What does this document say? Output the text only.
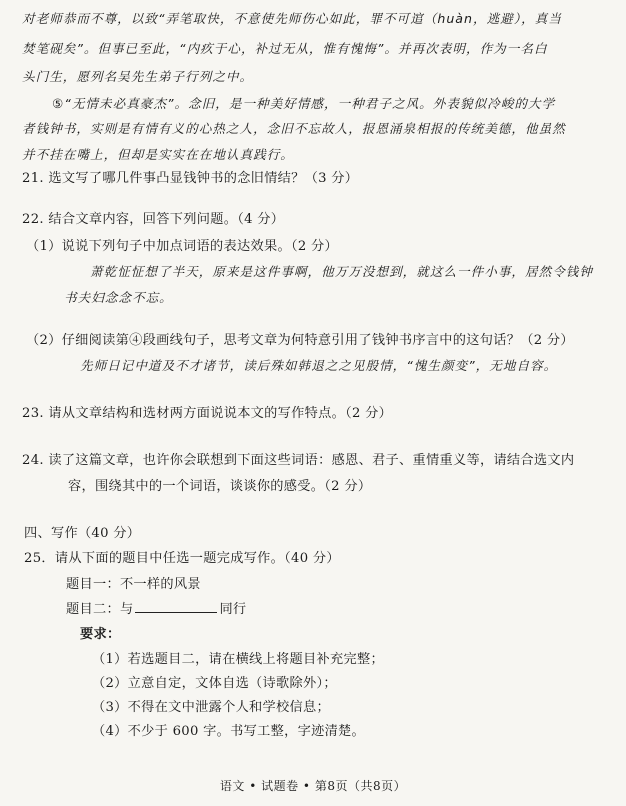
对老师恭而不尊，以致“弄笔取快，不意使先师伤心如此，罪不可逭（huàn，逃避），真当
焚笔砚矣”。但事已至此，“内疚于心，补过无从，惟有愧悔”。并再次表明，作为一名白
头门生，愿列名吴先生弟子行列之中。
⑤“无情未必真豪杰”。念旧，是一种美好情感，一种君子之风。外表貌似冷峻的大学
者钱钟书，实则是有情有义的心热之人，念旧不忘故人，报恩涌泉相报的传统美德，他虽然
并不挂在嘴上，但却是实实在在地认真践行。
21. 选文写了哪几件事凸显钱钟书的念旧情结？（3 分）
22. 结合文章内容，回答下列问题。（4 分）
（1）说说下列句子中加点词语的表达效果。（2 分）
萧乾怔怔想了半天，原来是这件事啊，他万万没想到，就这么一件小事，居然令钱钟
书夫妇念念不忘。
（2）仔细阅读第④段画线句子，思考文章为何特意引用了钱钟书序言中的这句话？（2 分）
先师日记中道及不才诸节，读后殊如韩退之之见殷情，“愧生颜变”，无地自容。
23. 请从文章结构和选材两方面说说本文的写作特点。（2 分）
24. 读了这篇文章，也许你会联想到下面这些词语：感恩、君子、重情重义等，请结合选文内
容，围绕其中的一个词语，谈谈你的感受。（2 分）
四、写作（40 分）
25．请从下面的题目中任选一题完成写作。（40 分）
题目一：不一样的风景
题目二：与	同行
要求：
（1）若选题目二，请在横线上将题目补充完整；
（2）立意自定，文体自选（诗歌除外）；
（3）不得在文中泄露个人和学校信息；
（4）不少于 600 字。书写工整，字迹清楚。
语文 • 试题卷 • 第8页（共8页）
